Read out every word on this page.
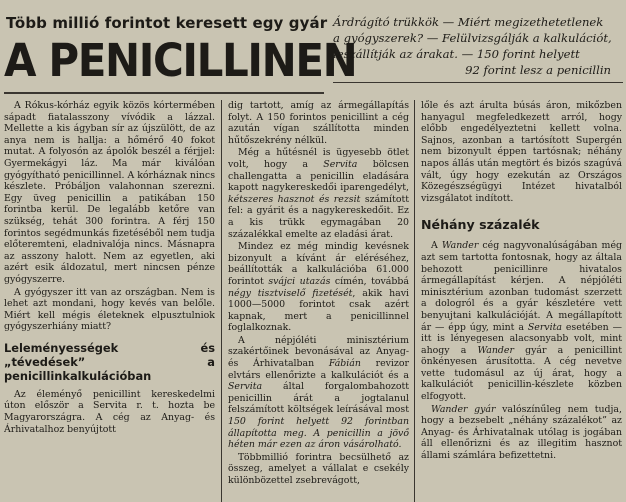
Több millió forintot keresett egy gyár
A PENICILLINEN

Árdrágító trükkök — Miért megizethetetlenek

a gyógyszerek? — Felülvizsgálják a kalkulációt,

leszállítják az árakat. — 150 forint helyett

92 forint lesz a penicillin

A Rókus-kórház egyik közös kórtermében sápadt fiatalasszony vívódik a lázzal. Mellette a kis ágyban sír az újszülött, de az anya nem is hallja: a hőmérő 40 fokot mutat. A folyosón az ápolók beszél a férjjel: Gyermekágyi láz. Ma már kiválóan gyógyítható penicillinnel. A kórháznak nincs készlete. Próbáljon valahonnan szerezni. Egy üveg penicillin a patikában 150 forintba kerül. De legalább ketőre van szükség, tehát 300 forintra. A férj 150 forintos segédmunkás fizetéséből nem tudja előteremteni, eladnivalója nincs. Másnapra az asszony halott. Nem az egyetlen, aki azért esik áldozatul, mert nincsen pénze gyógyszerre.

A gyógyszer itt van az országban. Nem is lehet azt mondani, hogy kevés van belőle. Miért kell mégis életeknek elpusztulniok gyógyszerhiány miatt?

Leleményességek és „tévedések” a penicillinkalkulációban

Az éleményő penicillint kereskedelmi úton először a Servita r. t. hozta be Magyarországra. A cég az Anyag- és Árhivatalhoz benyújtott

dig tartott, amíg az ármegállapítás folyt. A 150 forintos penicillint a cég azután vígan szállította minden hűtőszekrény nélkül.

Még a hűtésnél is ügyesebb ötlet volt, hogy a Servita bölcsen challengatta a penicillin eladására kapott nagykereskedői iparengedélyt, kétszeres hasznot és rezsit számított fel: a gyárit és a nagykereskedőit. Ez a kis trükk egymagában 20 százalékkal emelte az eladási árat.

Mindez ez még mindig kevésnek bizonyult a kívánt ár eléréséhez, beállították a kalkulációba 61.000 forintot svájci utazás címén, továbbá négy tisztviselő fizetését, akik havi 1000—5000 forintot csak azért kapnak, mert a penicillinnel foglalkoznak.

A népjóléti minisztérium szakértőinek bevonásával az Anyag- és Árhivatalban Fábián revizor elvtárs ellenőrizte a kalkulációt és a Servita által forgalombahozott penicillin árát a jogtalanul felszámított költségek leírásával most 150 forint helyett 92 forintban állapította meg. A penicillin a jövő héten már ezen az áron vásárolható.

Többmillió forintra becsülhető az összeg, amelyet a vállalat e csekély különbözettel zsebrevágott,

lőle és azt árulta búsás áron, mikőzben hanyagul megfeledkezett arról, hogy előbb engedélyeztetni kellett volna. Sajnos, azonban a tartósított Supergén nem bizonyult éppen tartósnak; néhány napos állás után megtört és bizós szagúvá vált, úgy hogy ezekután az Országos Közegészségügyi Intézet hivatalból vizsgálatot indított.

Néhány százalék

A Wander cég nagyvonalúságában még azt sem tartotta fontosnak, hogy az általa behozott penicillinre hivatalos ármegállapítást kérjen. A népjóléti minisztérium azonban tudomást szerzett a dologról és a gyár készletére vett benyujtani kalkulációját. A megállapított ár — épp úgy, mint a Servita esetében — itt is lényegesen alacsonyabb volt, mint ahogy a Wander gyár a penicillint önkényesen árusította. A cég nevetve vette tudomásul az új árat, hogy a kalkulációt penicillin-készlete közben elfogyott.

Wander gyár valószínűleg nem tudja, hogy a bezsebelt „néhány százalékot” az Anyag- és Árhivatalnak utólag is jogában áll ellenőrizni és az illegitim hasznot állami számlára befizettetni.
